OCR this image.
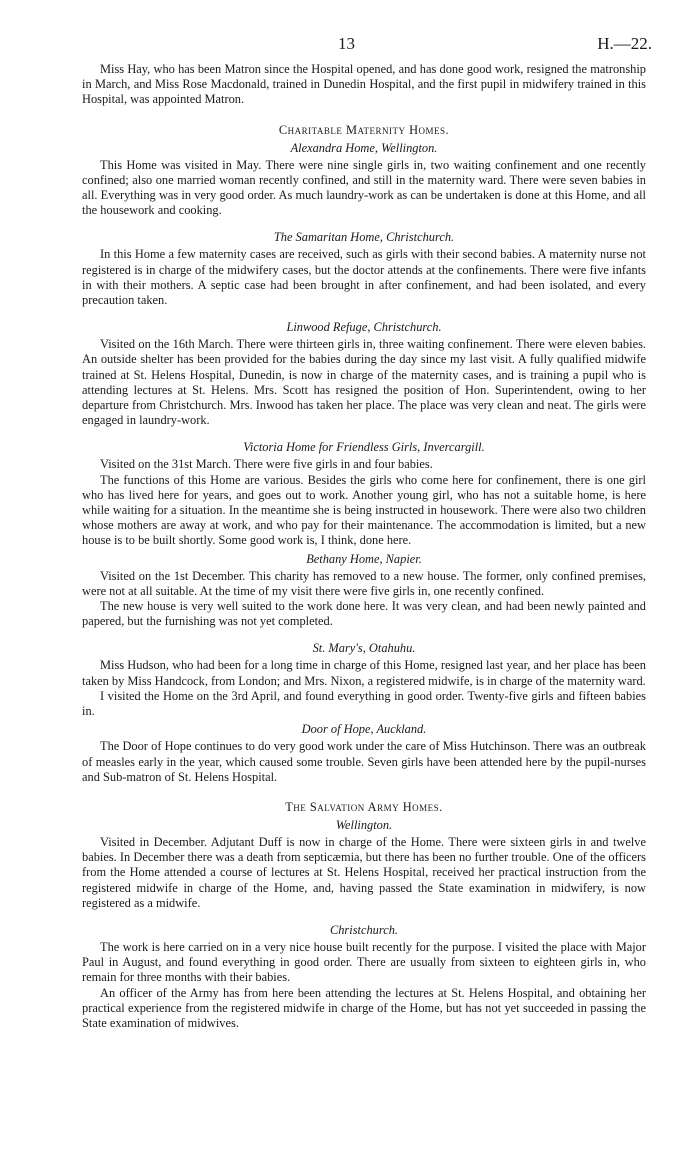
13	H.—22.

Miss Hay, who has been Matron since the Hospital opened, and has done good work, resigned the matronship in March, and Miss Rose Macdonald, trained in Dunedin Hospital, and the first pupil in midwifery trained in this Hospital, was appointed Matron.

Charitable Maternity Homes.
Alexandra Home, Wellington.

This Home was visited in May. There were nine single girls in, two waiting confinement and one recently confined; also one married woman recently confined, and still in the maternity ward. There were seven babies in all. Everything was in very good order. As much laundry-work as can be undertaken is done at this Home, and all the housework and cooking.

The Samaritan Home, Christchurch.

In this Home a few maternity cases are received, such as girls with their second babies. A maternity nurse not registered is in charge of the midwifery cases, but the doctor attends at the confinements. There were five infants in with their mothers. A septic case had been brought in after confinement, and had been isolated, and every precaution taken.

Linwood Refuge, Christchurch.

Visited on the 16th March. There were thirteen girls in, three waiting confinement. There were eleven babies. An outside shelter has been provided for the babies during the day since my last visit. A fully qualified midwife trained at St. Helens Hospital, Dunedin, is now in charge of the maternity cases, and is training a pupil who is attending lectures at St. Helens. Mrs. Scott has resigned the position of Hon. Superintendent, owing to her departure from Christchurch. Mrs. Inwood has taken her place. The place was very clean and neat. The girls were engaged in laundry-work.

Victoria Home for Friendless Girls, Invercargill.

Visited on the 31st March. There were five girls in and four babies.

The functions of this Home are various. Besides the girls who come here for confinement, there is one girl who has lived here for years, and goes out to work. Another young girl, who has not a suitable home, is here while waiting for a situation. In the meantime she is being instructed in housework. There were also two children whose mothers are away at work, and who pay for their maintenance. The accommodation is limited, but a new house is to be built shortly. Some good work is, I think, done here.

Bethany Home, Napier.

Visited on the 1st December. This charity has removed to a new house. The former, only confined premises, were not at all suitable. At the time of my visit there were five girls in, one recently confined.

The new house is very well suited to the work done here. It was very clean, and had been newly painted and papered, but the furnishing was not yet completed.

St. Mary's, Otahuhu.

Miss Hudson, who had been for a long time in charge of this Home, resigned last year, and her place has been taken by Miss Handcock, from London; and Mrs. Nixon, a registered midwife, is in charge of the maternity ward.

I visited the Home on the 3rd April, and found everything in good order. Twenty-five girls and fifteen babies in.

Door of Hope, Auckland.

The Door of Hope continues to do very good work under the care of Miss Hutchinson. There was an outbreak of measles early in the year, which caused some trouble. Seven girls have been attended here by the pupil-nurses and Sub-matron of St. Helens Hospital.

The Salvation Army Homes.
Wellington.

Visited in December. Adjutant Duff is now in charge of the Home. There were sixteen girls in and twelve babies. In December there was a death from septicæmia, but there has been no further trouble. One of the officers from the Home attended a course of lectures at St. Helens Hospital, received her practical instruction from the registered midwife in charge of the Home, and, having passed the State examination in midwifery, is now registered as a midwife.

Christchurch.

The work is here carried on in a very nice house built recently for the purpose. I visited the place with Major Paul in August, and found everything in good order. There are usually from sixteen to eighteen girls in, who remain for three months with their babies.

An officer of the Army has from here been attending the lectures at St. Helens Hospital, and obtaining her practical experience from the registered midwife in charge of the Home, but has not yet succeeded in passing the State examination of midwives.
